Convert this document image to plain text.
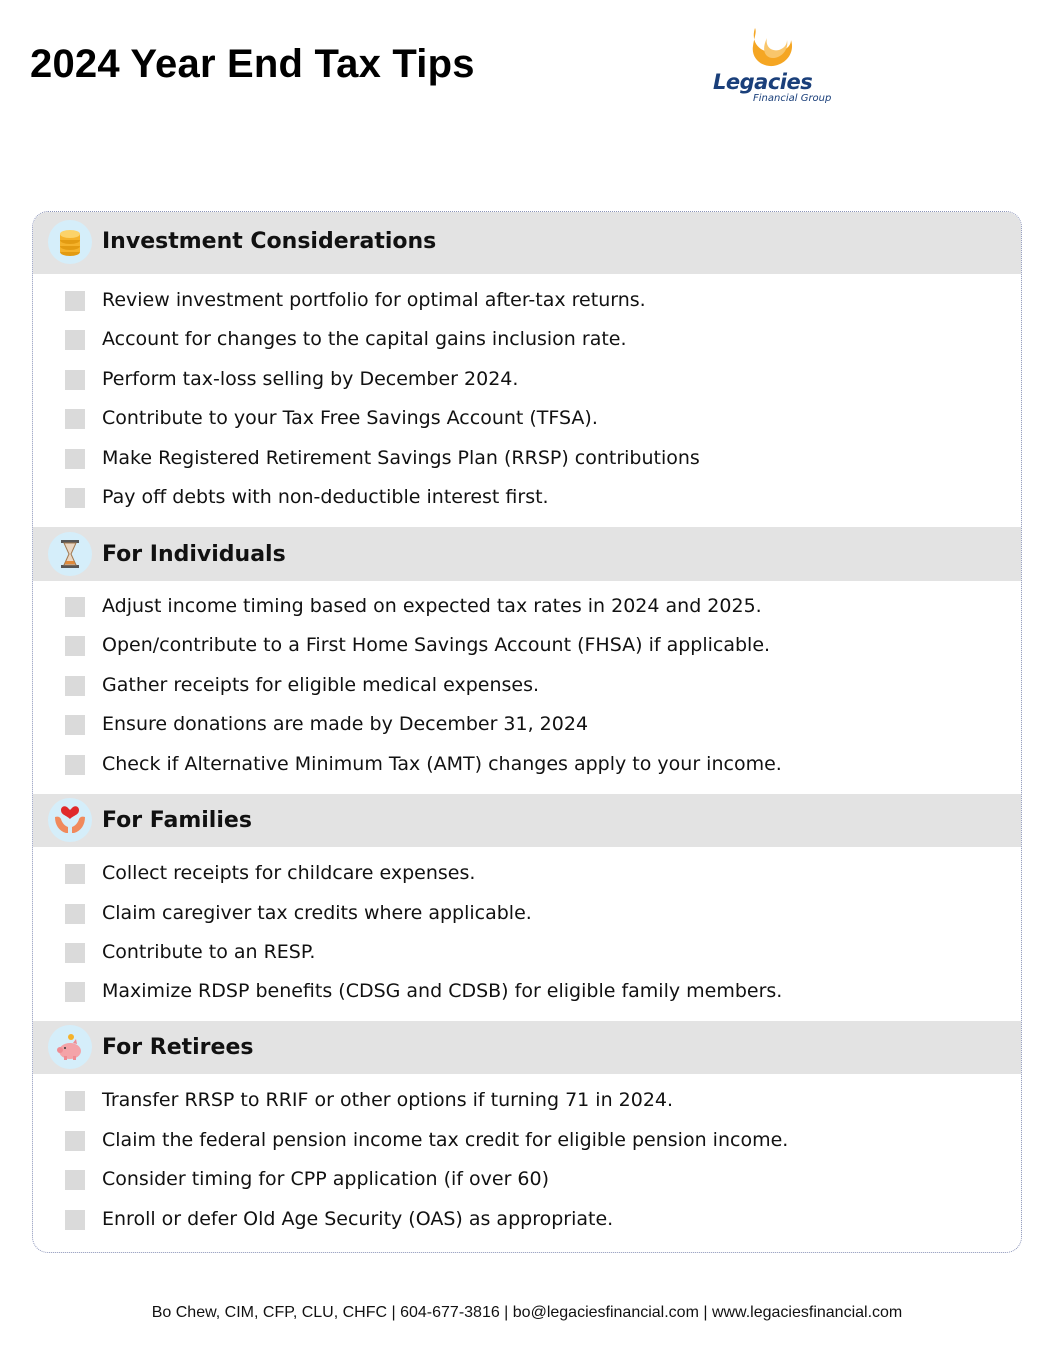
2024 Year End Tax Tips	Legacies
Financial Group
Investment Considerations
Review investment portfolio for optimal after-tax returns.
Account for changes to the capital gains inclusion rate.
Perform tax-loss selling by December 2024.
Contribute to your Tax Free Savings Account (TFSA).
Make Registered Retirement Savings Plan (RRSP) contributions
Pay off debts with non-deductible interest first.
For Individuals
Adjust income timing based on expected tax rates in 2024 and 2025.
Open/contribute to a First Home Savings Account (FHSA) if applicable.
Gather receipts for eligible medical expenses.
Ensure donations are made by December 31, 2024
Check if Alternative Minimum Tax (AMT) changes apply to your income.
For Families
Collect receipts for childcare expenses.
Claim caregiver tax credits where applicable.
Contribute to an RESP.
Maximize RDSP benefits (CDSG and CDSB) for eligible family members.
For Retirees
Transfer RRSP to RRIF or other options if turning 71 in 2024.
Claim the federal pension income tax credit for eligible pension income.
Consider timing for CPP application (if over 60)
Enroll or defer Old Age Security (OAS) as appropriate.
Bo Chew, CIM, CFP, CLU, CHFC | 604-677-3816 | bo@legaciesfinancial.com | www.legaciesfinancial.com
